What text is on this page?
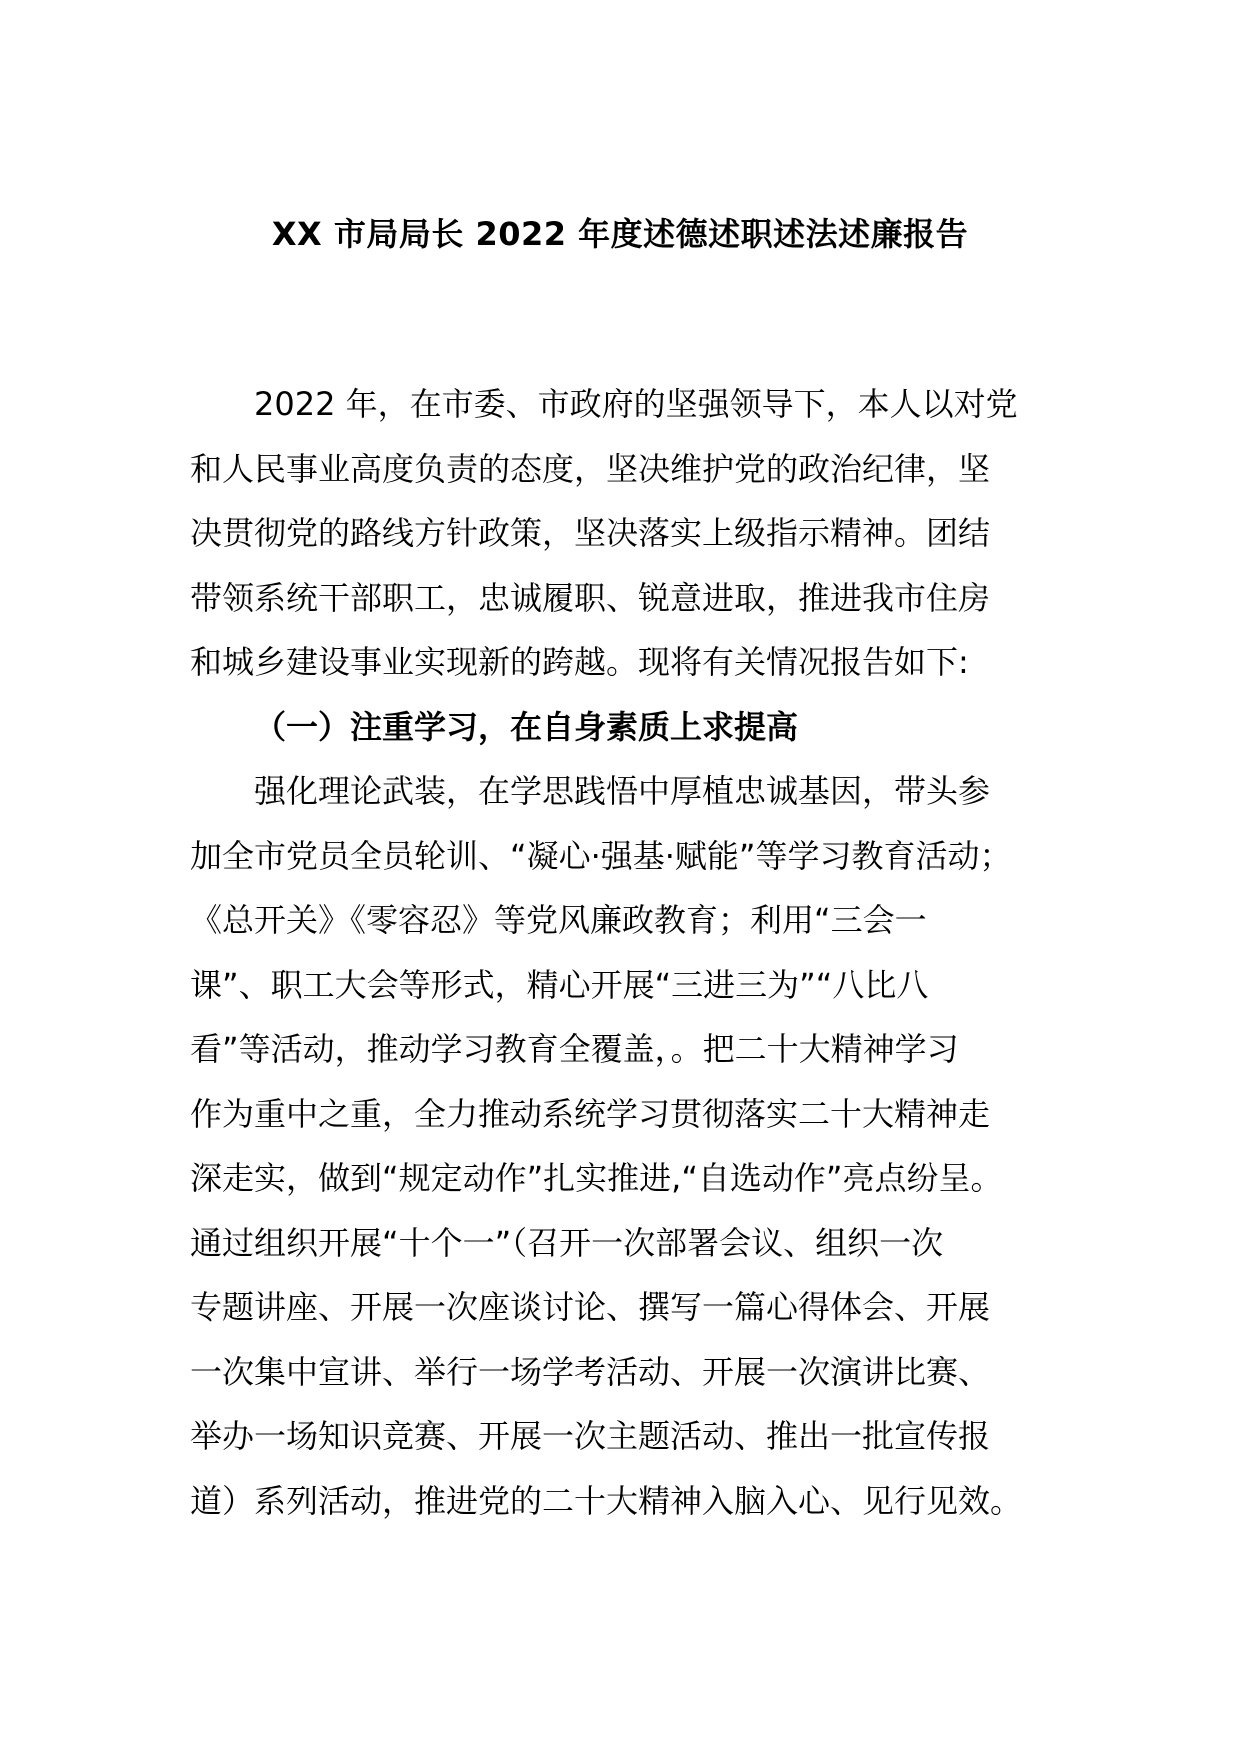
XX 市局局长 2022 年度述德述职述法述廉报告
2022 年，在市委、市政府的坚强领导下，本人以对党
和人民事业高度负责的态度，坚决维护党的政治纪律，坚
决贯彻党的路线方针政策，坚决落实上级指示精神。团结
带领系统干部职工，忠诚履职、锐意进取，推进我市住房
和城乡建设事业实现新的跨越。现将有关情况报告如下:
（一）注重学习，在自身素质上求提高
强化理论武装，在学思践悟中厚植忠诚基因，带头参
加全市党员全员轮训、“凝心·强基·赋能”等学习教育活动；
《总开关》《零容忍》等党风廉政教育；利用“三会一
课”、职工大会等形式，精心开展“三进三为”“八比八
看”等活动，推动学习教育全覆盖，。把二十大精神学习
作为重中之重，全力推动系统学习贯彻落实二十大精神走
深走实，做到“规定动作”扎实推进,“自选动作”亮点纷呈。
通过组织开展“十个一”（召开一次部署会议、组织一次
专题讲座、开展一次座谈讨论、撰写一篇心得体会、开展
一次集中宣讲、举行一场学考活动、开展一次演讲比赛、
举办一场知识竞赛、开展一次主题活动、推出一批宣传报
道）系列活动，推进党的二十大精神入脑入心、见行见效。
